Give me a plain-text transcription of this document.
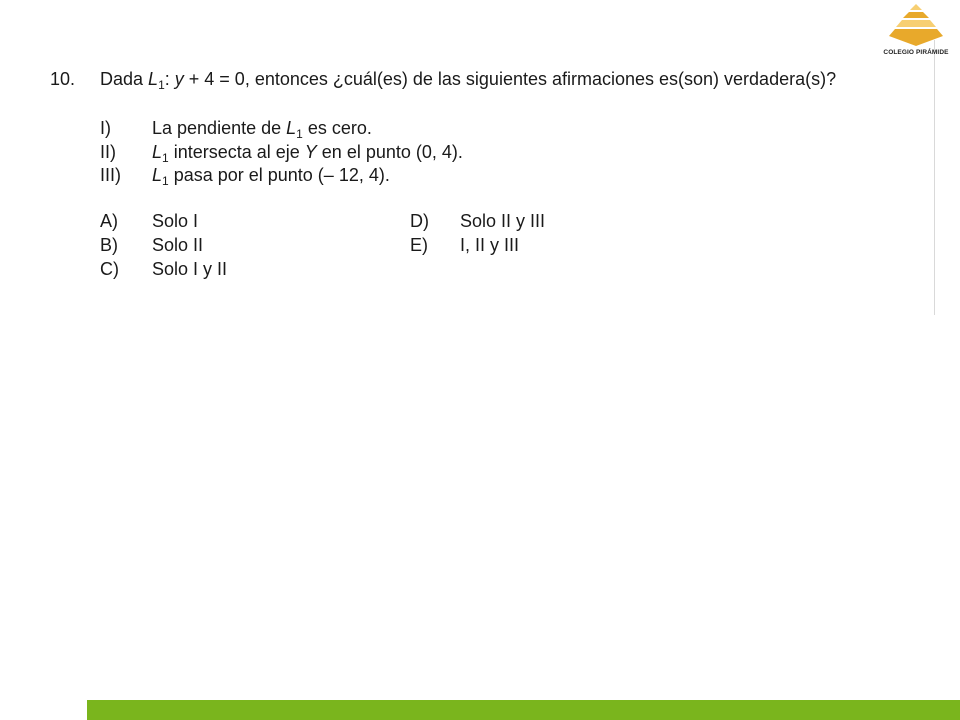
COLEGIO PIRÁMIDE
10. Dada $L_1$: y + 4 = 0, entonces ¿cuál(es) de las siguientes afirmaciones es(son) verdadera(s)?
I) La pendiente de $L_1$ es cero.
II) $L_1$ intersecta al eje Y en el punto (0, 4).
III) $L_1$ pasa por el punto (– 12, 4).
A) Solo I
B) Solo II
C) Solo I y II
D) Solo II y III
E) I, II y III
